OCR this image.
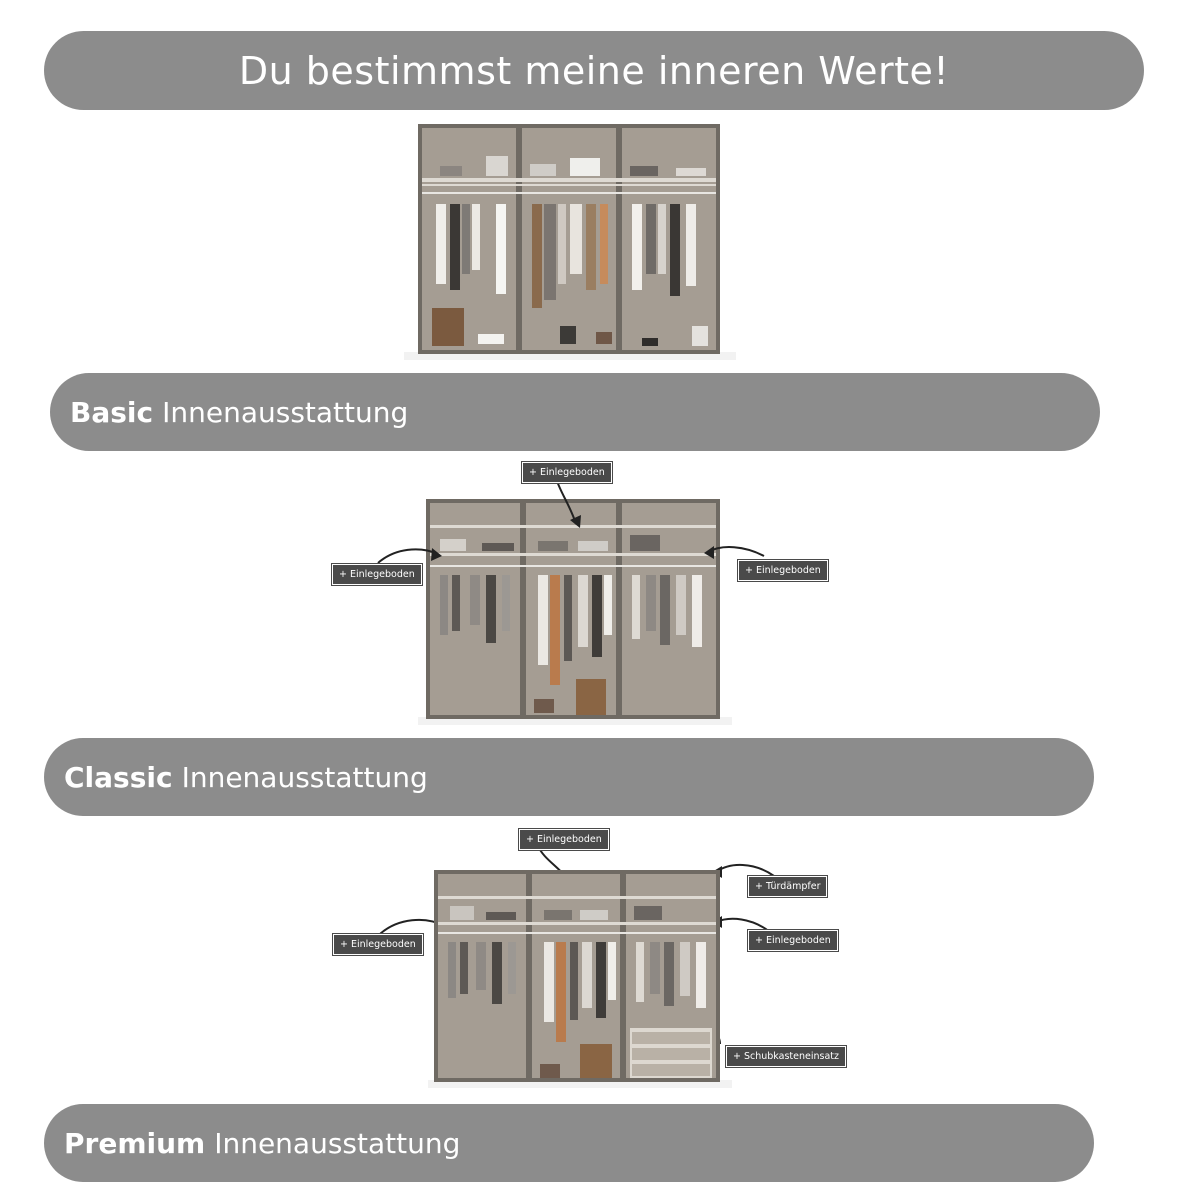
Du bestimmst meine inneren Werte!
Basic Innenausstattung
+ Einlegeboden
+ Einlegeboden	+ Einlegeboden
Classic Innenausstattung
+ Einlegeboden
+ Türdämpfer
+ Einlegeboden	+ Einlegeboden
+ Schubkasteneinsatz
Premium Innenausstattung
